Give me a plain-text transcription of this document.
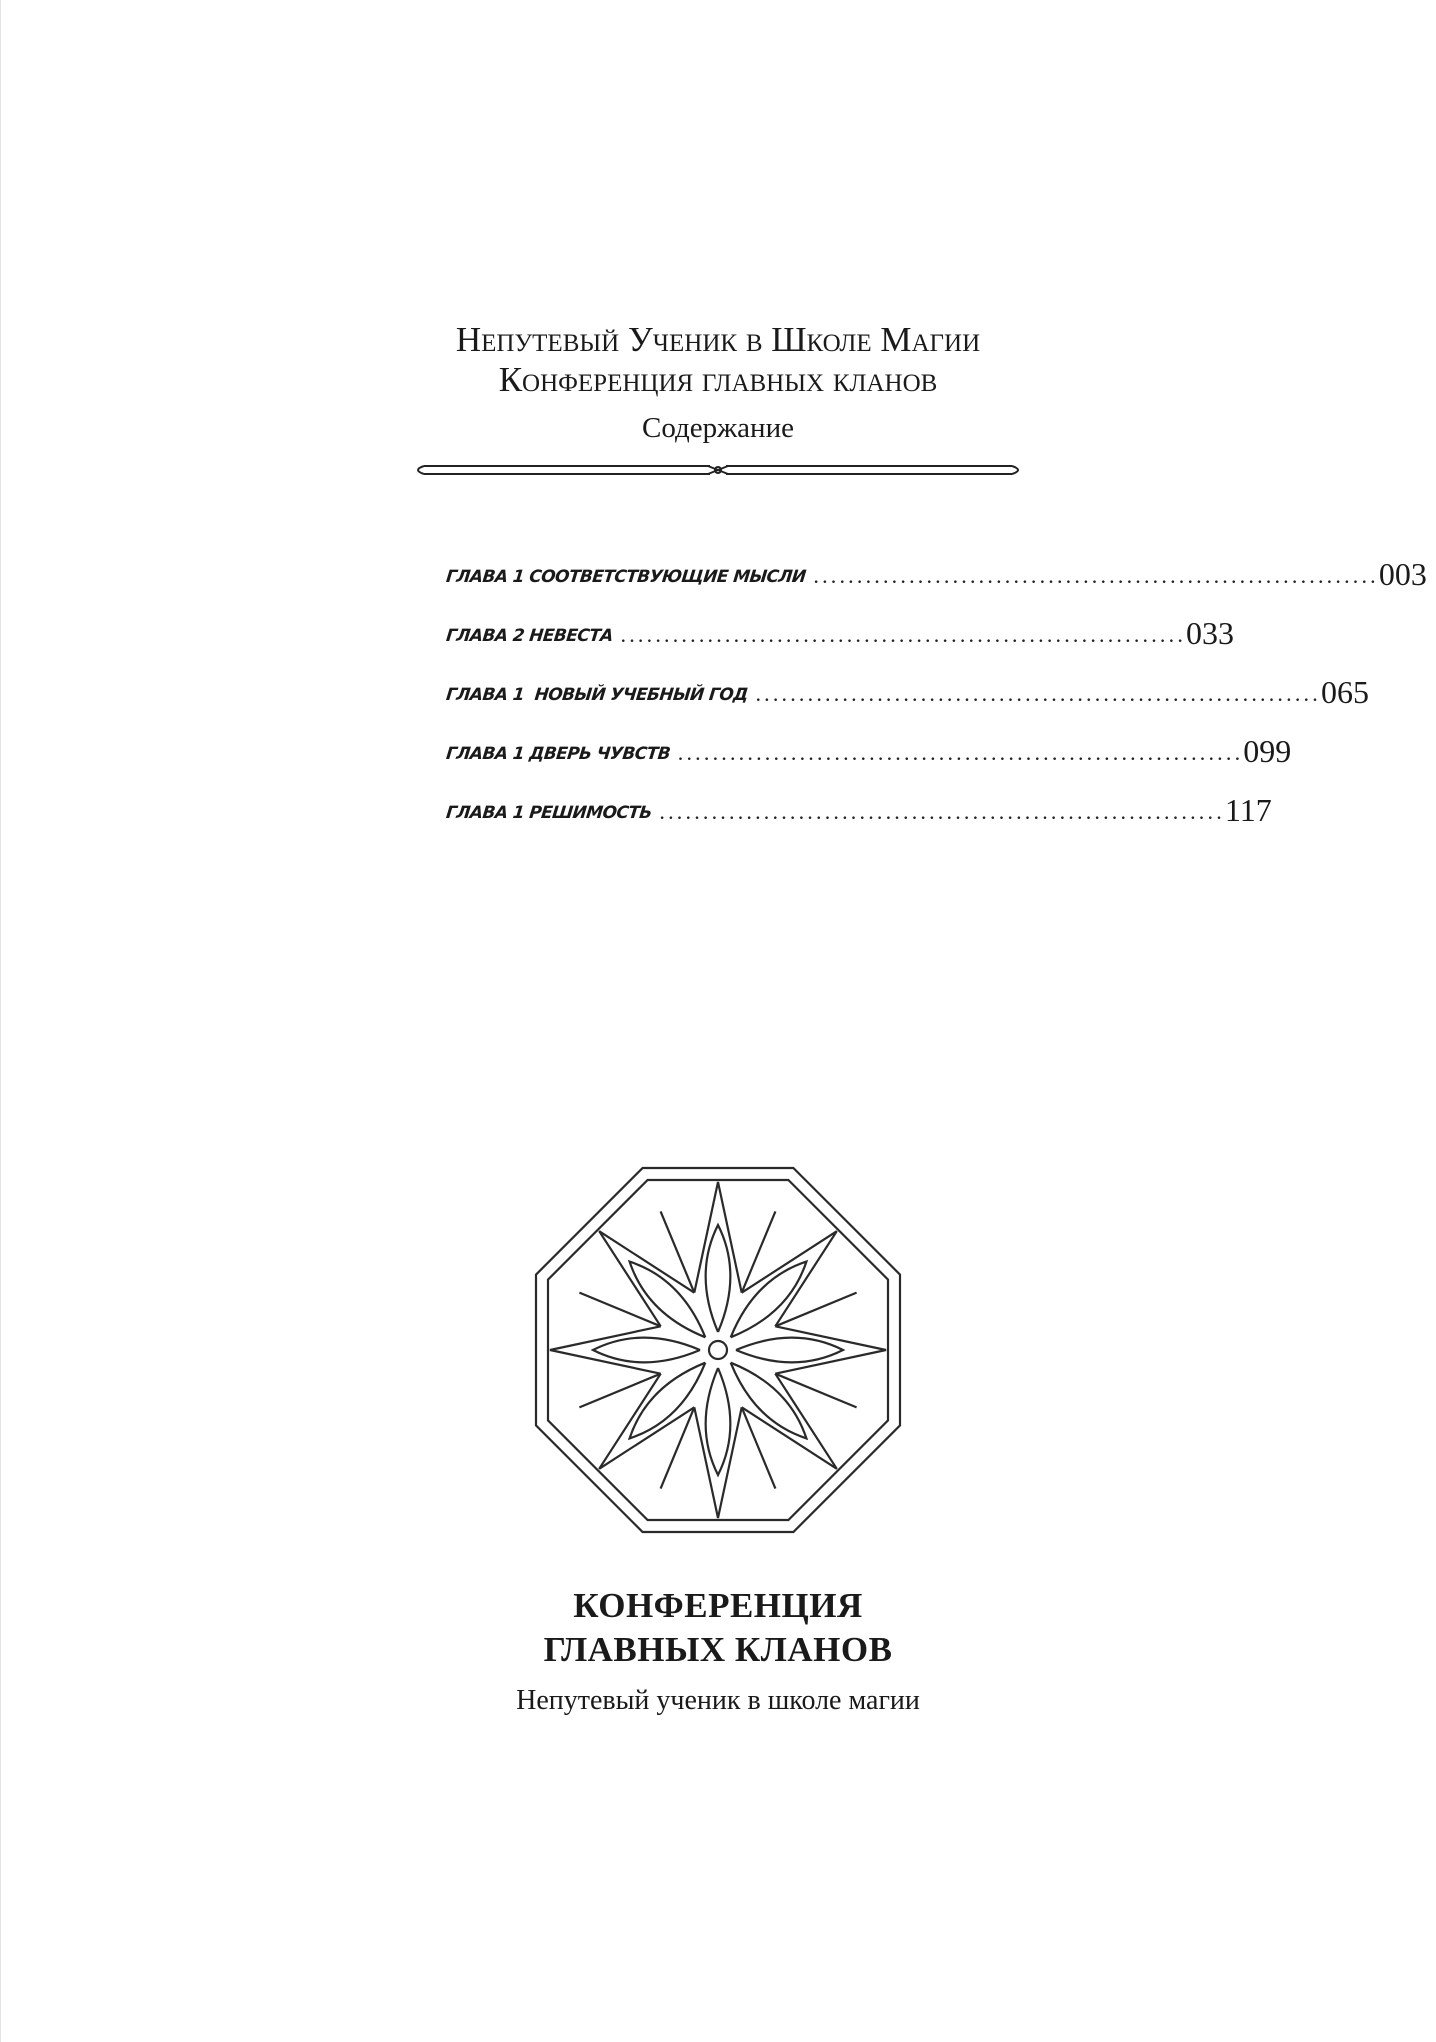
Непутевый Ученик в Школе Магии
Конференция главных кланов
Содержание
ГЛАВА 1 СООТВЕТСТВУЮЩИЕ МЫСЛИ ................................................................. 003
ГЛАВА 2 НЕВЕСТА ................................................................. 033
ГЛАВА 1  НОВЫЙ УЧЕБНЫЙ ГОД ................................................................. 065
ГЛАВА 1 ДВЕРЬ ЧУВСТВ ................................................................. 099
ГЛАВА 1 РЕШИМОСТЬ ................................................................. 117
КОНФЕРЕНЦИЯ
ГЛАВНЫХ КЛАНОВ
Непутевый ученик в школе магии
